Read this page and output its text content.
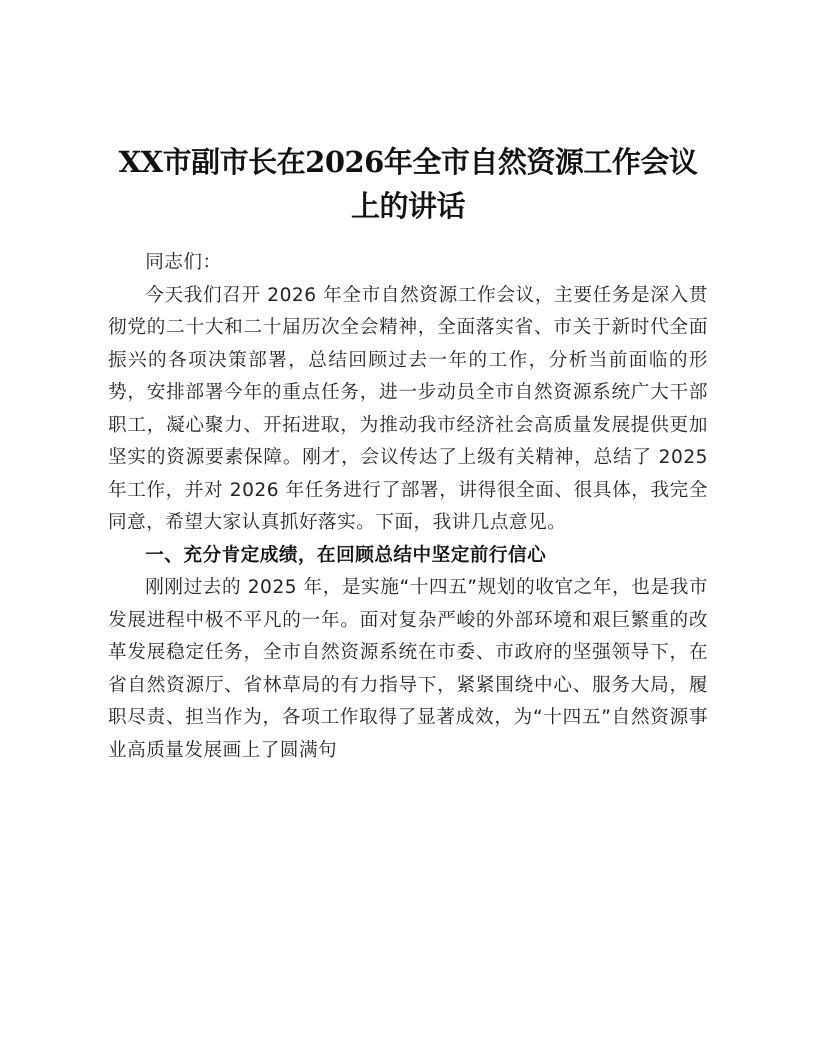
XX市副市长在2026年全市自然资源工作会议上的讲话

同志们：

今天我们召开 2026 年全市自然资源工作会议，主要任务是深入贯彻党的二十大和二十届历次全会精神，全面落实省、市关于新时代全面振兴的各项决策部署，总结回顾过去一年的工作，分析当前面临的形势，安排部署今年的重点任务，进一步动员全市自然资源系统广大干部职工，凝心聚力、开拓进取，为推动我市经济社会高质量发展提供更加坚实的资源要素保障。刚才，会议传达了上级有关精神，总结了 2025 年工作，并对 2026 年任务进行了部署，讲得很全面、很具体，我完全同意，希望大家认真抓好落实。下面，我讲几点意见。

一、充分肯定成绩，在回顾总结中坚定前行信心

刚刚过去的 2025 年，是实施“十四五”规划的收官之年，也是我市发展进程中极不平凡的一年。面对复杂严峻的外部环境和艰巨繁重的改革发展稳定任务，全市自然资源系统在市委、市政府的坚强领导下，在省自然资源厅、省林草局的有力指导下，紧紧围绕中心、服务大局，履职尽责、担当作为，各项工作取得了显著成效，为“十四五”自然资源事业高质量发展画上了圆满句
